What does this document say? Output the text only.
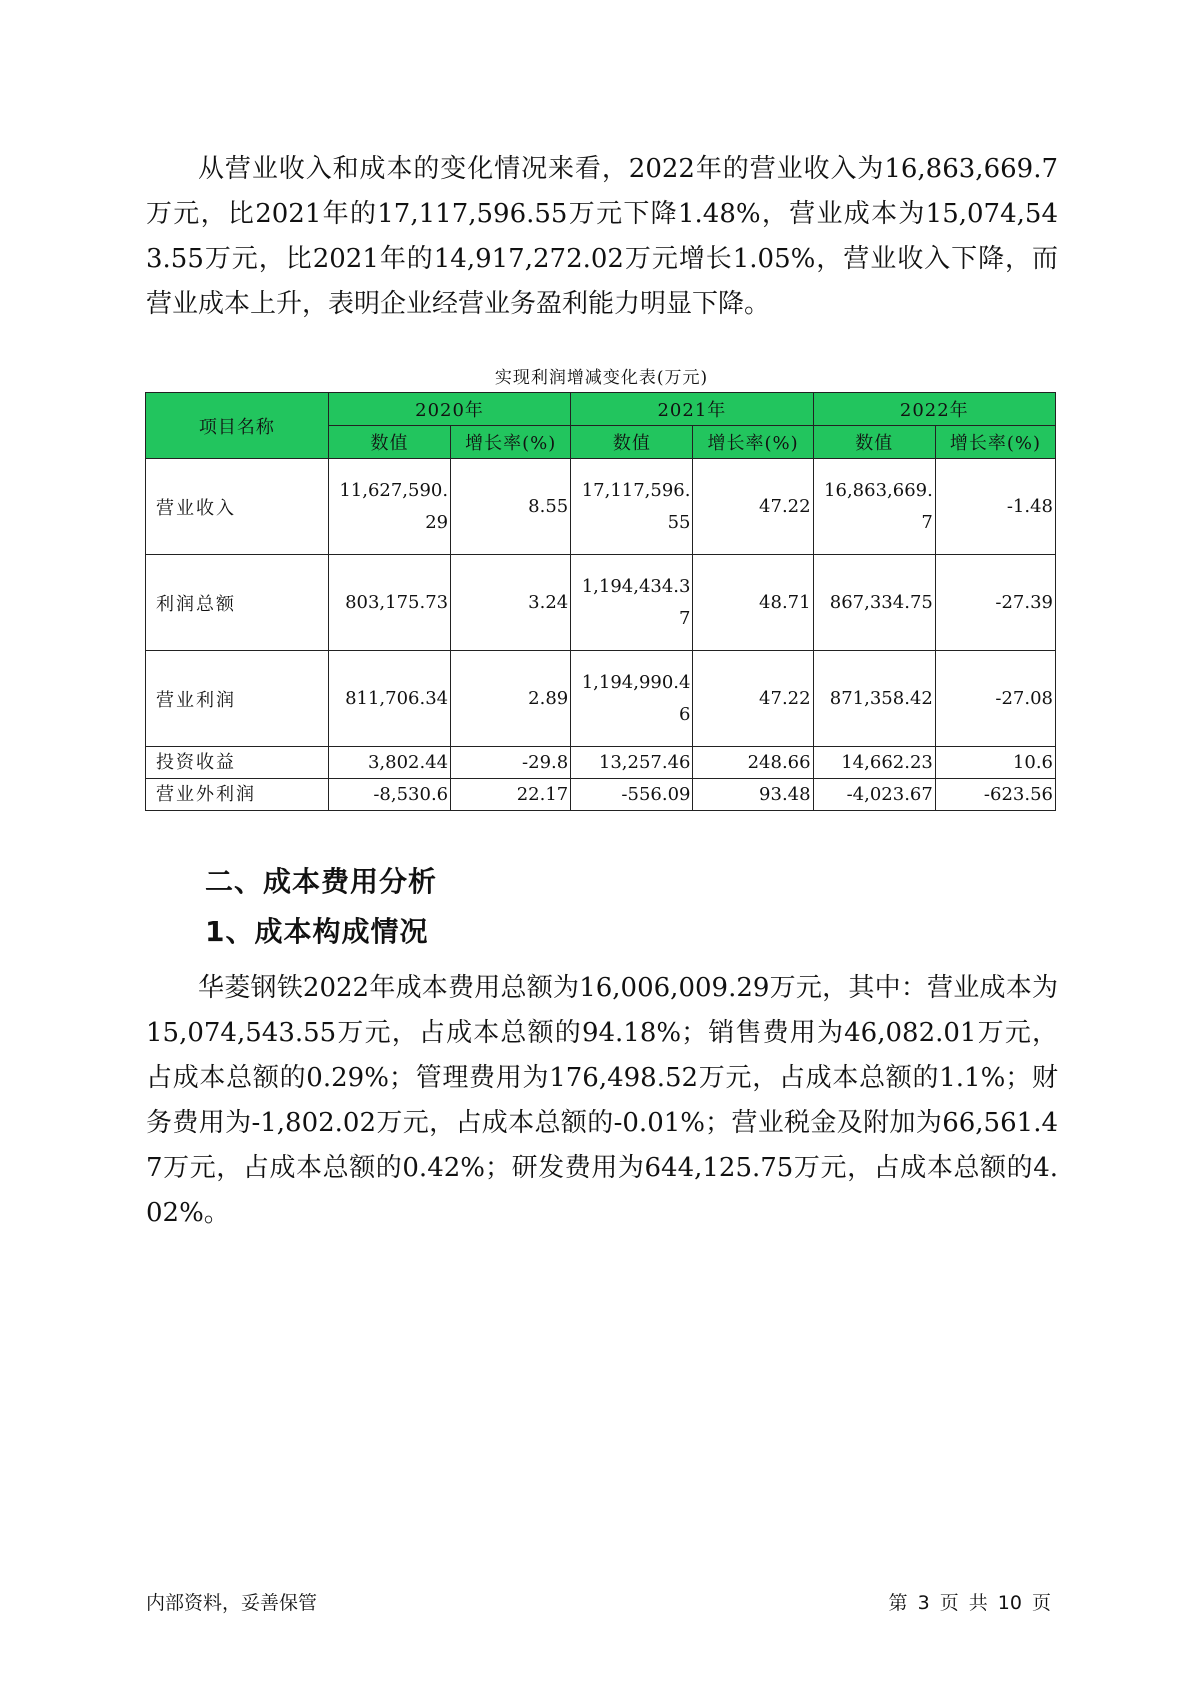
从营业收入和成本的变化情况来看，2022年的营业收入为16,863,669.7万元，比2021年的17,117,596.55万元下降1.48%，营业成本为15,074,543.55万元，比2021年的14,917,272.02万元增长1.05%，营业收入下降，而营业成本上升，表明企业经营业务盈利能力明显下降。

实现利润增减变化表(万元)
项目名称	2020年		2021年		2022年	
	数值	增长率(%)	数值	增长率(%)	数值	增长率(%)
营业收入	11,627,590.29	8.55	17,117,596.55	47.22	16,863,669.7	-1.48
利润总额	803,175.73	3.24	1,194,434.37	48.71	867,334.75	-27.39
营业利润	811,706.34	2.89	1,194,990.46	47.22	871,358.42	-27.08
投资收益	3,802.44	-29.8	13,257.46	248.66	14,662.23	10.6
营业外利润	-8,530.6	22.17	-556.09	93.48	-4,023.67	-623.56
二、成本费用分析
1、成本构成情况

华菱钢铁2022年成本费用总额为16,006,009.29万元，其中：营业成本为15,074,543.55万元，占成本总额的94.18%；销售费用为46,082.01万元，占成本总额的0.29%；管理费用为176,498.52万元，占成本总额的1.1%；财务费用为-1,802.02万元，占成本总额的-0.01%；营业税金及附加为66,561.47万元，占成本总额的0.42%；研发费用为644,125.75万元，占成本总额的4.02%。

内部资料，妥善保管	第 3 页 共 10 页
